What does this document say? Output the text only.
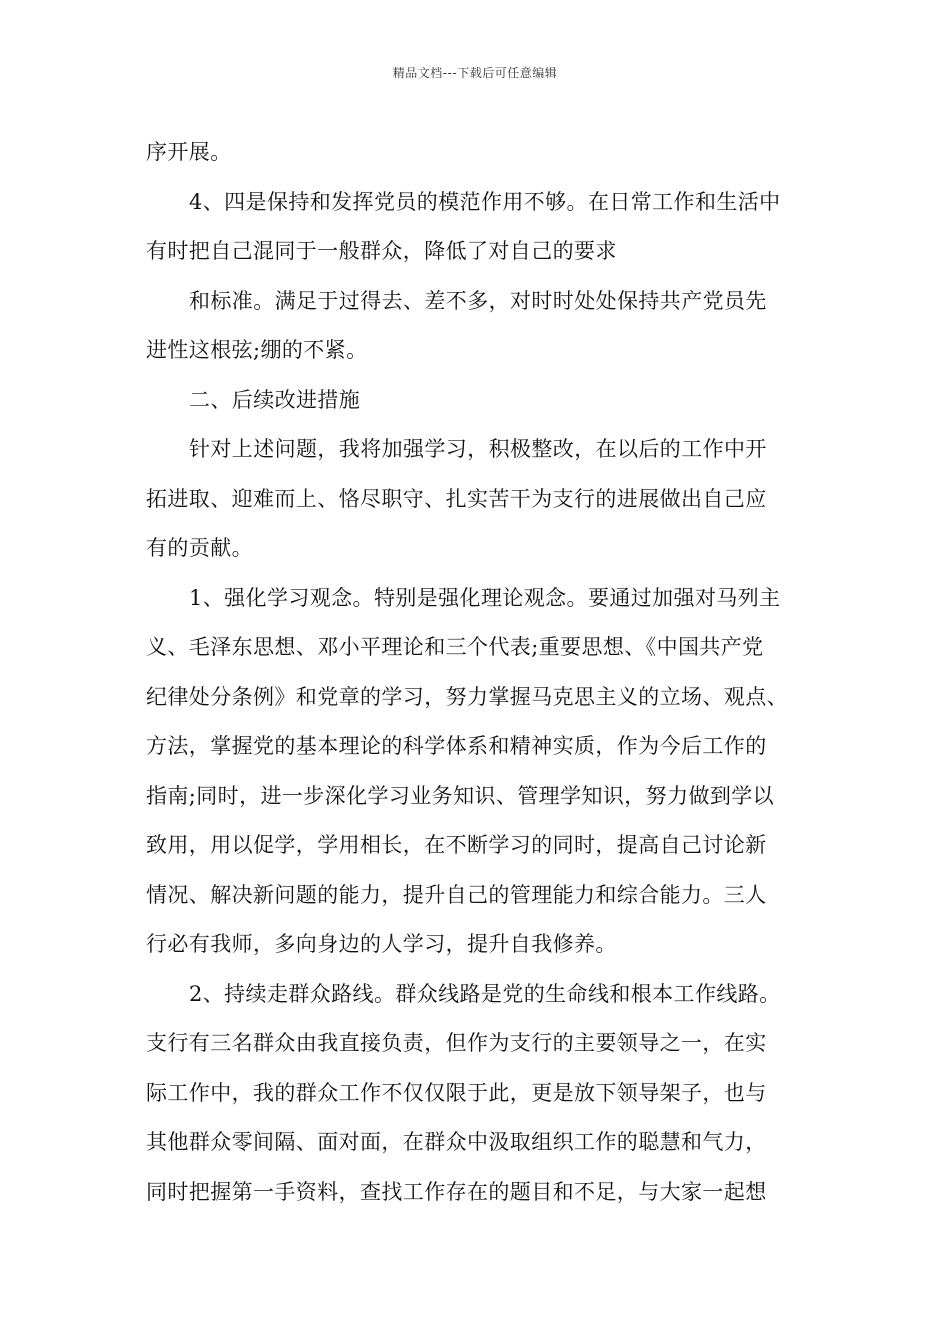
精品文档---下载后可任意编辑
序开展。
4、四是保持和发挥党员的模范作用不够。在日常工作和生活中
有时把自己混同于一般群众，降低了对自己的要求
和标准。满足于过得去、差不多，对时时处处保持共产党员先
进性这根弦;绷的不紧。
二、后续改进措施
针对上述问题，我将加强学习，积极整改，在以后的工作中开
拓进取、迎难而上、恪尽职守、扎实苦干为支行的进展做出自己应
有的贡献。
1、强化学习观念。特别是强化理论观念。要通过加强对马列主
义、毛泽东思想、邓小平理论和三个代表;重要思想、《中国共产党
纪律处分条例》和党章的学习，努力掌握马克思主义的立场、观点、
方法，掌握党的基本理论的科学体系和精神实质，作为今后工作的
指南;同时，进一步深化学习业务知识、管理学知识，努力做到学以
致用，用以促学，学用相长，在不断学习的同时，提高自己讨论新
情况、解决新问题的能力，提升自己的管理能力和综合能力。三人
行必有我师，多向身边的人学习，提升自我修养。
2、持续走群众路线。群众线路是党的生命线和根本工作线路。
支行有三名群众由我直接负责，但作为支行的主要领导之一，在实
际工作中，我的群众工作不仅仅限于此，更是放下领导架子，也与
其他群众零间隔、面对面，在群众中汲取组织工作的聪慧和气力，
同时把握第一手资料，查找工作存在的题目和不足，与大家一起想
